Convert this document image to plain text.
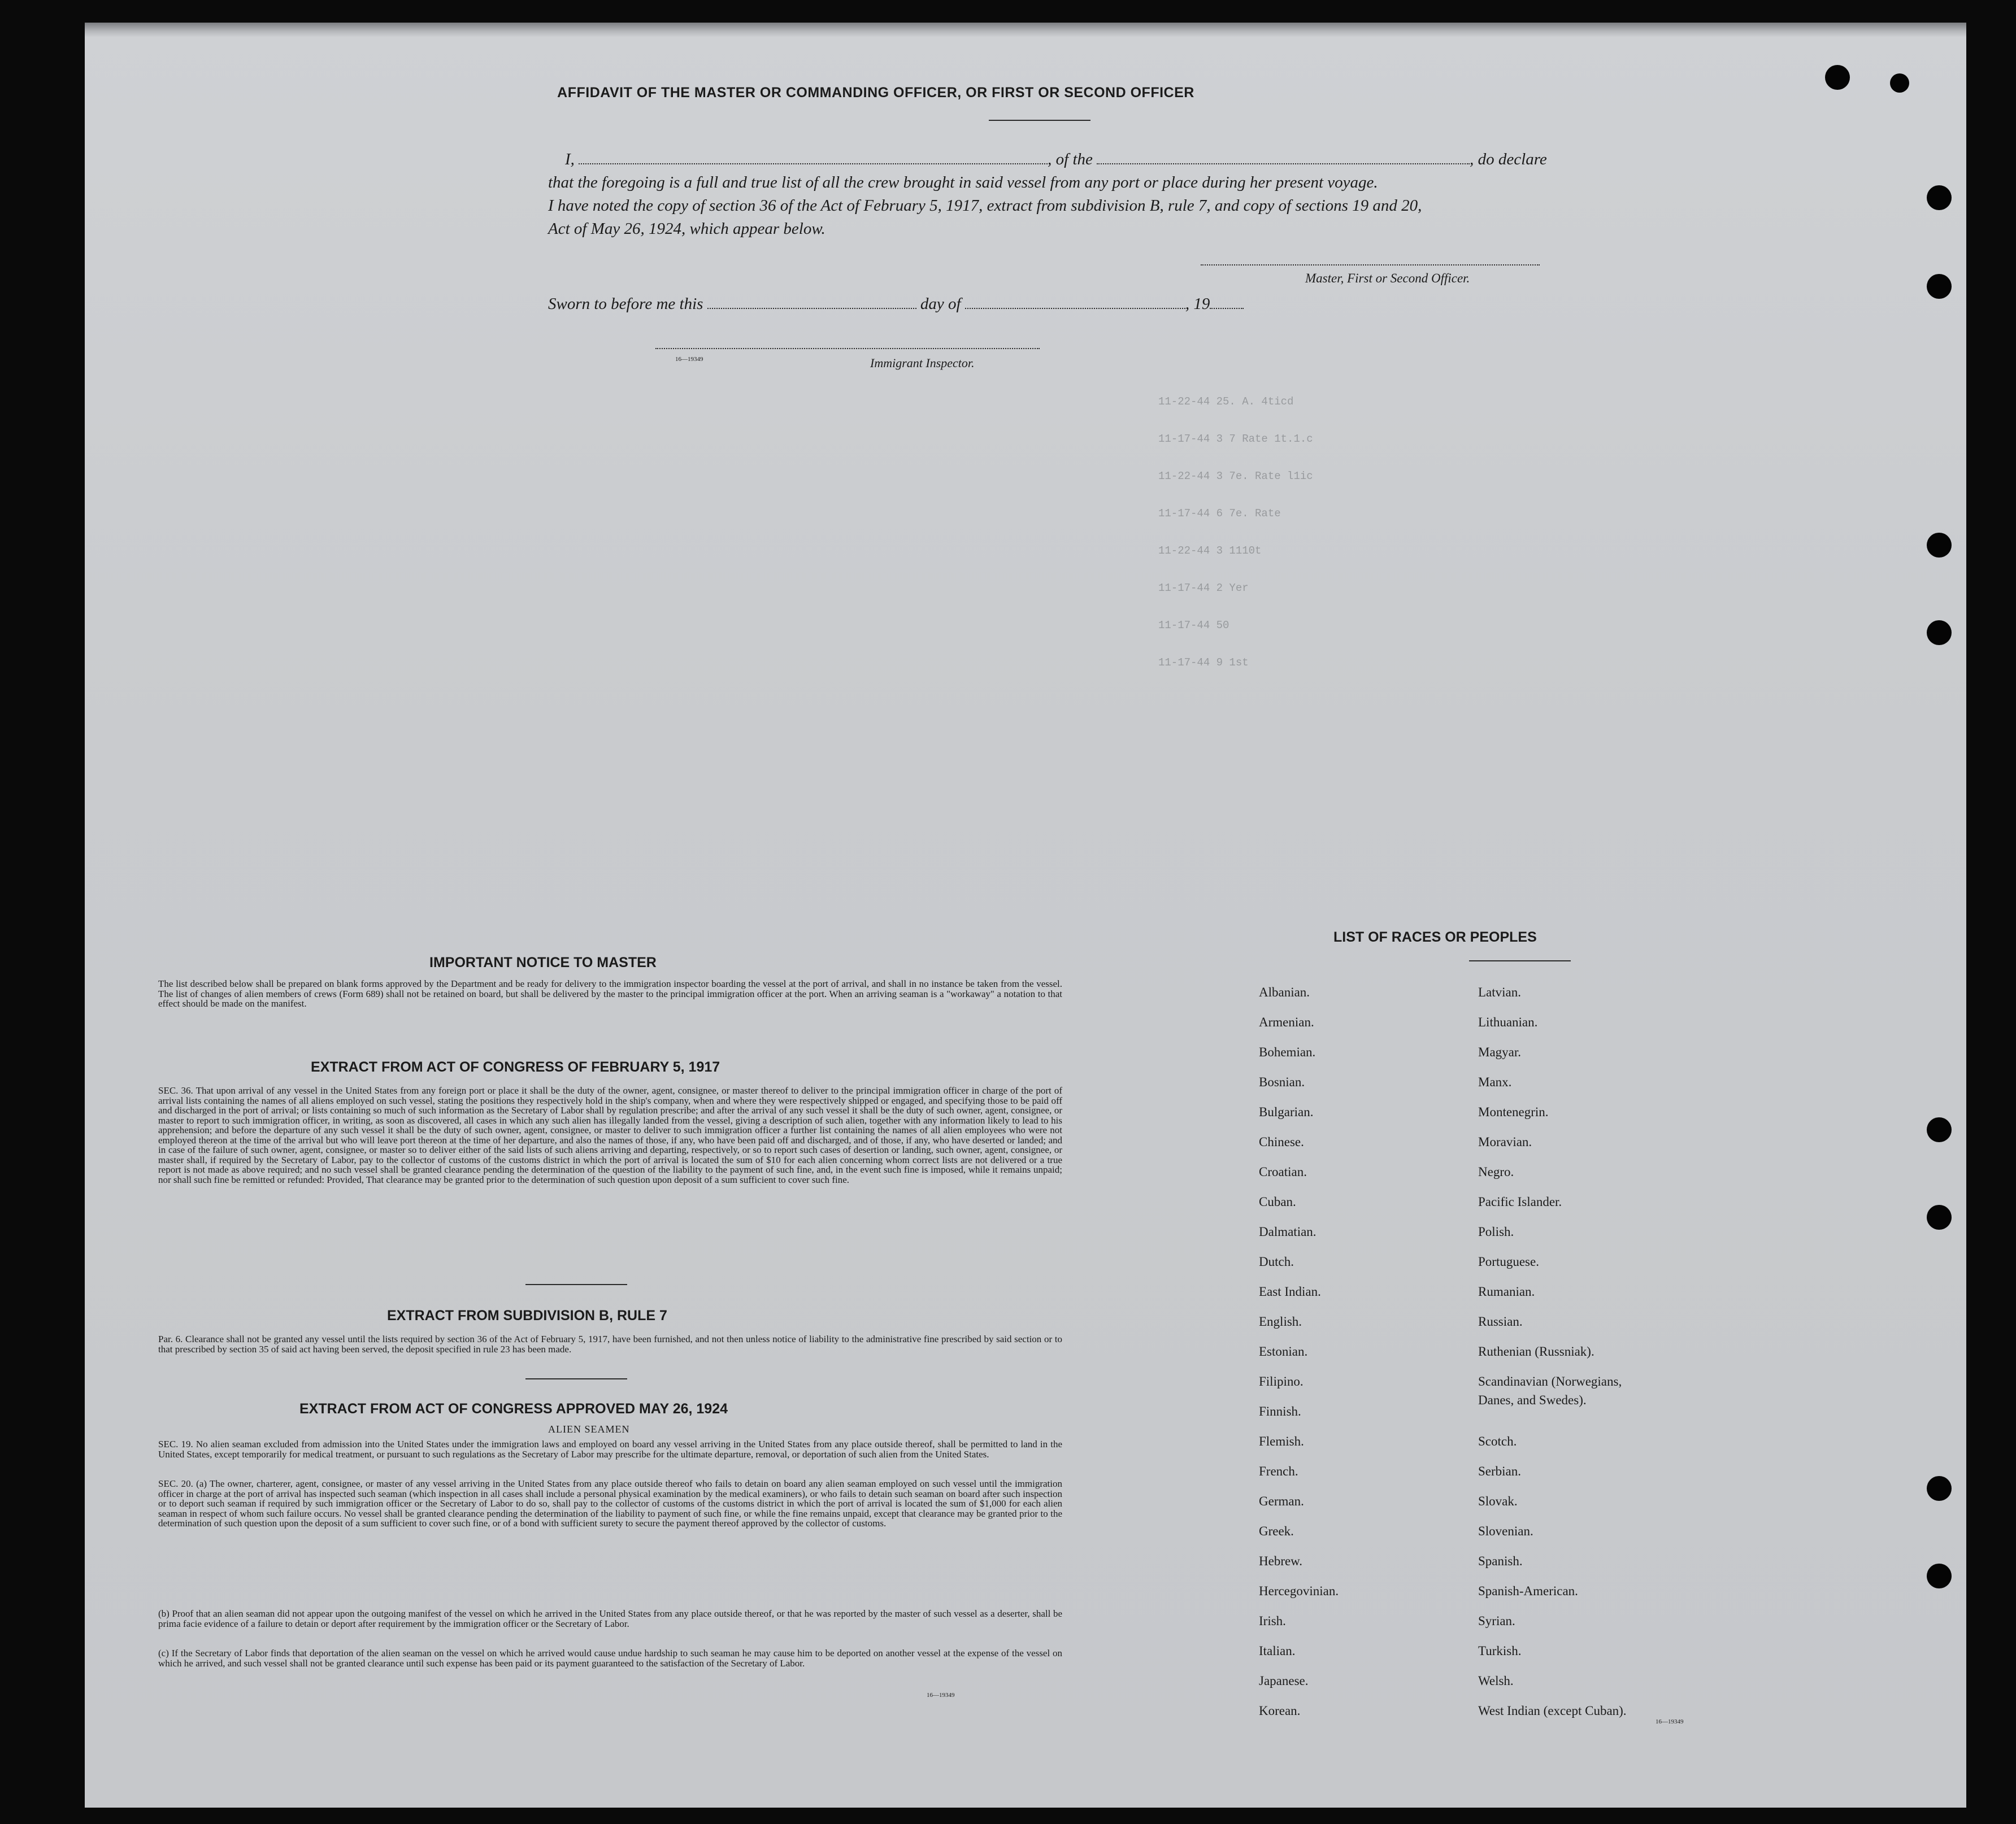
AFFIDAVIT OF THE MASTER OR COMMANDING OFFICER, OR FIRST OR SECOND OFFICER
I,	, of the	, do declare
that the foregoing is a full and true list of all the crew brought in said vessel from any port or place during her present voyage.
I have noted the copy of section 36 of the Act of February 5, 1917, extract from subdivision B, rule 7, and copy of sections 19 and 20,
Act of May 26, 1924, which appear below.
Master, First or Second Officer.
Sworn to before me this	day of	, 19
16—19349	Immigrant Inspector.
11-22-44 25. A. 4ticd
11-17-44 3 7 Rate 1t.1.c
11-22-44 3 7e. Rate l1ic
11-17-44 6 7e. Rate
11-22-44 3 1110t
11-17-44 2 Yer
11-17-44 50
11-17-44 9 1st
IMPORTANT NOTICE TO MASTER
The list described below shall be prepared on blank forms approved by the Department and be ready for delivery to the immigration inspector boarding the vessel at the port of arrival, and shall in no instance be taken from the vessel. The list of changes of alien members of crews (Form 689) shall not be retained on board, but shall be delivered by the master to the principal immigration officer at the port. When an arriving seaman is a "workaway" a notation to that effect should be made on the manifest.
EXTRACT FROM ACT OF CONGRESS OF FEBRUARY 5, 1917
SEC. 36. That upon arrival of any vessel in the United States from any foreign port or place it shall be the duty of the owner, agent, consignee, or master thereof to deliver to the principal immigration officer in charge of the port of arrival lists containing the names of all aliens employed on such vessel, stating the positions they respectively hold in the ship's company, when and where they were respectively shipped or engaged, and specifying those to be paid off and discharged in the port of arrival; or lists containing so much of such information as the Secretary of Labor shall by regulation prescribe; and after the arrival of any such vessel it shall be the duty of such owner, agent, consignee, or master to report to such immigration officer, in writing, as soon as discovered, all cases in which any such alien has illegally landed from the vessel, giving a description of such alien, together with any information likely to lead to his apprehension; and before the departure of any such vessel it shall be the duty of such owner, agent, consignee, or master to deliver to such immigration officer a further list containing the names of all alien employees who were not employed thereon at the time of the arrival but who will leave port thereon at the time of her departure, and also the names of those, if any, who have been paid off and discharged, and of those, if any, who have deserted or landed; and in case of the failure of such owner, agent, consignee, or master so to deliver either of the said lists of such aliens arriving and departing, respectively, or so to report such cases of desertion or landing, such owner, agent, consignee, or master shall, if required by the Secretary of Labor, pay to the collector of customs of the customs district in which the port of arrival is located the sum of $10 for each alien concerning whom correct lists are not delivered or a true report is not made as above required; and no such vessel shall be granted clearance pending the determination of the question of the liability to the payment of such fine, and, in the event such fine is imposed, while it remains unpaid; nor shall such fine be remitted or refunded: Provided, That clearance may be granted prior to the determination of such question upon deposit of a sum sufficient to cover such fine.
EXTRACT FROM SUBDIVISION B, RULE 7
Par. 6. Clearance shall not be granted any vessel until the lists required by section 36 of the Act of February 5, 1917, have been furnished, and not then unless notice of liability to the administrative fine prescribed by said section or to that prescribed by section 35 of said act having been served, the deposit specified in rule 23 has been made.
EXTRACT FROM ACT OF CONGRESS APPROVED MAY 26, 1924
ALIEN SEAMEN
SEC. 19. No alien seaman excluded from admission into the United States under the immigration laws and employed on board any vessel arriving in the United States from any place outside thereof, shall be permitted to land in the United States, except temporarily for medical treatment, or pursuant to such regulations as the Secretary of Labor may prescribe for the ultimate departure, removal, or deportation of such alien from the United States.
SEC. 20. (a) The owner, charterer, agent, consignee, or master of any vessel arriving in the United States from any place outside thereof who fails to detain on board any alien seaman employed on such vessel until the immigration officer in charge at the port of arrival has inspected such seaman (which inspection in all cases shall include a personal physical examination by the medical examiners), or who fails to detain such seaman on board after such inspection or to deport such seaman if required by such immigration officer or the Secretary of Labor to do so, shall pay to the collector of customs of the customs district in which the port of arrival is located the sum of $1,000 for each alien seaman in respect of whom such failure occurs. No vessel shall be granted clearance pending the determination of the liability to payment of such fine, or while the fine remains unpaid, except that clearance may be granted prior to the determination of such question upon the deposit of a sum sufficient to cover such fine, or of a bond with sufficient surety to secure the payment thereof approved by the collector of customs.
(b) Proof that an alien seaman did not appear upon the outgoing manifest of the vessel on which he arrived in the United States from any place outside thereof, or that he was reported by the master of such vessel as a deserter, shall be prima facie evidence of a failure to detain or deport after requirement by the immigration officer or the Secretary of Labor.
(c) If the Secretary of Labor finds that deportation of the alien seaman on the vessel on which he arrived would cause undue hardship to such seaman he may cause him to be deported on another vessel at the expense of the vessel on which he arrived, and such vessel shall not be granted clearance until such expense has been paid or its payment guaranteed to the satisfaction of the Secretary of Labor.
16—19349
LIST OF RACES OR PEOPLES
Albanian.
Armenian.
Bohemian.
Bosnian.
Bulgarian.
Chinese.
Croatian.
Cuban.
Dalmatian.
Dutch.
East Indian.
English.
Estonian.
Filipino.
Finnish.
Flemish.
French.
German.
Greek.
Hebrew.
Hercegovinian.
Irish.
Italian.
Japanese.
Korean.
Latvian.
Lithuanian.
Magyar.
Manx.
Montenegrin.
Moravian.
Negro.
Pacific Islander.
Polish.
Portuguese.
Rumanian.
Russian.
Ruthenian (Russniak).
Scandinavian (Norwegians,
Danes, and Swedes).
Scotch.
Serbian.
Slovak.
Slovenian.
Spanish.
Spanish-American.
Syrian.
Turkish.
Welsh.
West Indian (except Cuban).
16—19349
